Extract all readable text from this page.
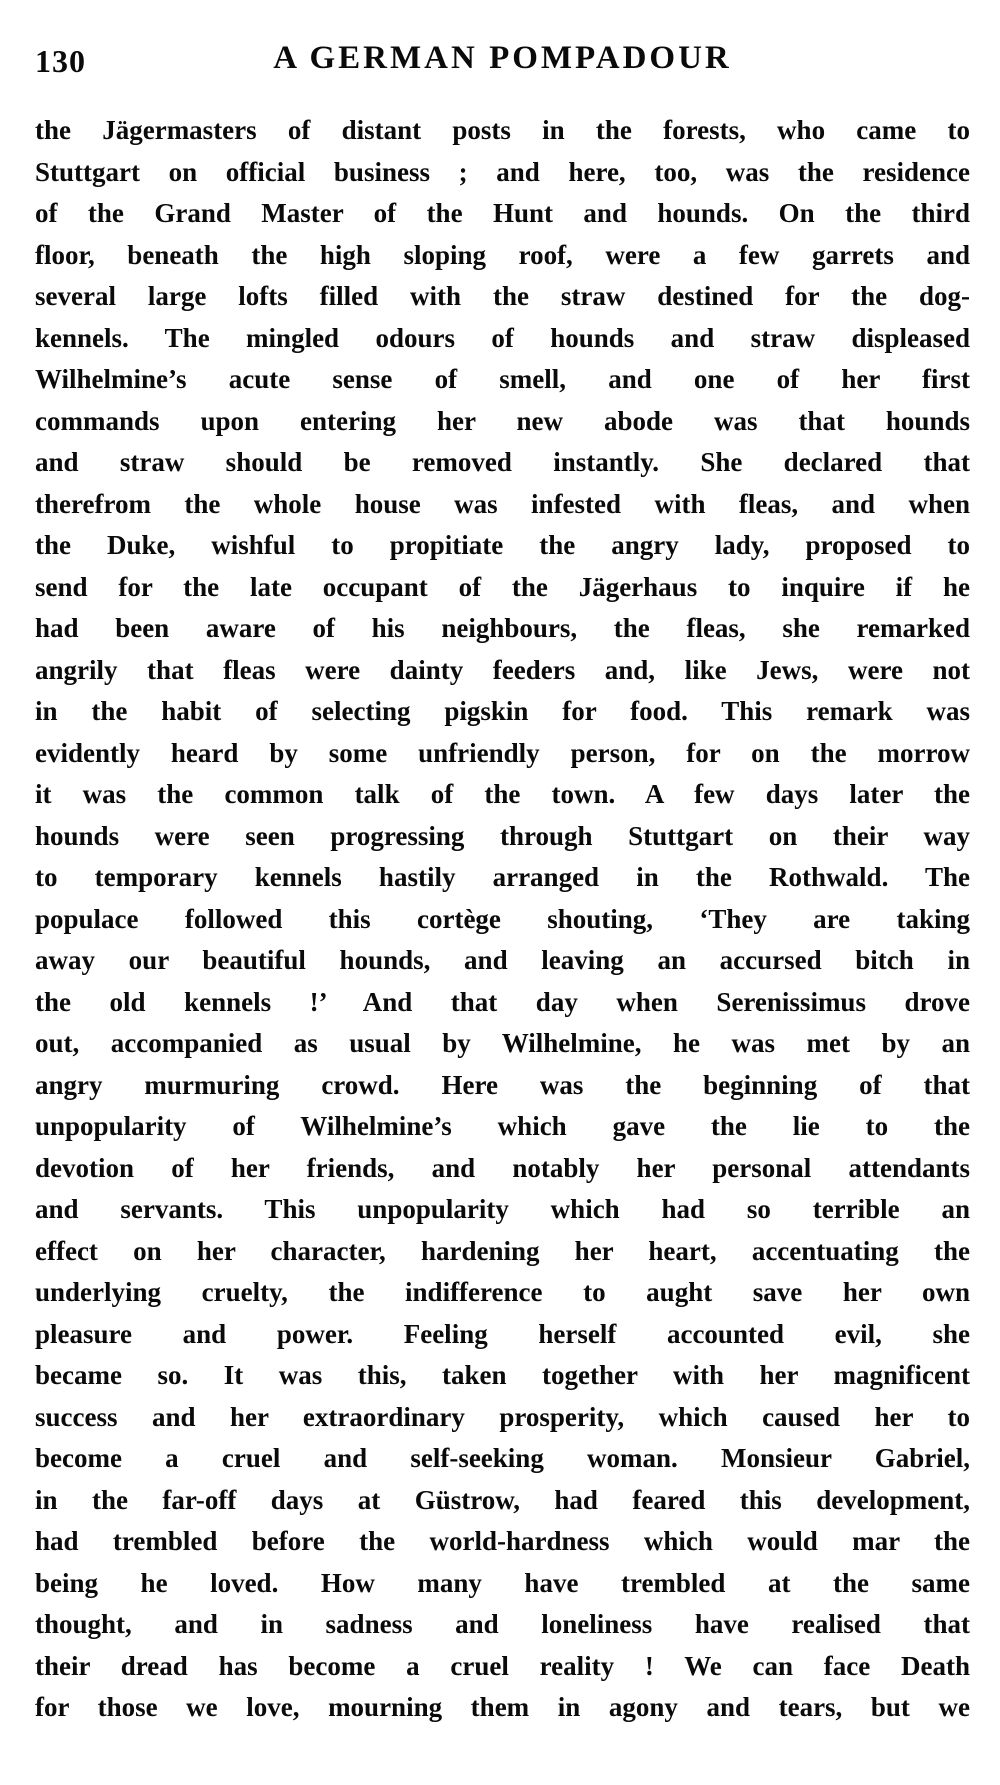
130	A GERMAN POMPADOUR
the Jägermasters of distant posts in the forests, who came to
Stuttgart on official business ; and here, too, was the residence
of the Grand Master of the Hunt and hounds. On the third
floor, beneath the high sloping roof, were a few garrets and
several large lofts filled with the straw destined for the dog-
kennels. The mingled odours of hounds and straw displeased
Wilhelmine’s acute sense of smell, and one of her first
commands upon entering her new abode was that hounds
and straw should be removed instantly. She declared that
therefrom the whole house was infested with fleas, and when
the Duke, wishful to propitiate the angry lady, proposed to
send for the late occupant of the Jägerhaus to inquire if he
had been aware of his neighbours, the fleas, she remarked
angrily that fleas were dainty feeders and, like Jews, were not
in the habit of selecting pigskin for food. This remark was
evidently heard by some unfriendly person, for on the morrow
it was the common talk of the town. A few days later the
hounds were seen progressing through Stuttgart on their way
to temporary kennels hastily arranged in the Rothwald. The
populace followed this cortège shouting, ‘They are taking
away our beautiful hounds, and leaving an accursed bitch in
the old kennels !’ And that day when Serenissimus drove
out, accompanied as usual by Wilhelmine, he was met by an
angry murmuring crowd. Here was the beginning of that
unpopularity of Wilhelmine’s which gave the lie to the
devotion of her friends, and notably her personal attendants
and servants. This unpopularity which had so terrible an
effect on her character, hardening her heart, accentuating the
underlying cruelty, the indifference to aught save her own
pleasure and power. Feeling herself accounted evil, she
became so. It was this, taken together with her magnificent
success and her extraordinary prosperity, which caused her to
become a cruel and self-seeking woman. Monsieur Gabriel,
in the far-off days at Güstrow, had feared this development,
had trembled before the world-hardness which would mar the
being he loved. How many have trembled at the same
thought, and in sadness and loneliness have realised that
their dread has become a cruel reality ! We can face Death
for those we love, mourning them in agony and tears, but we
